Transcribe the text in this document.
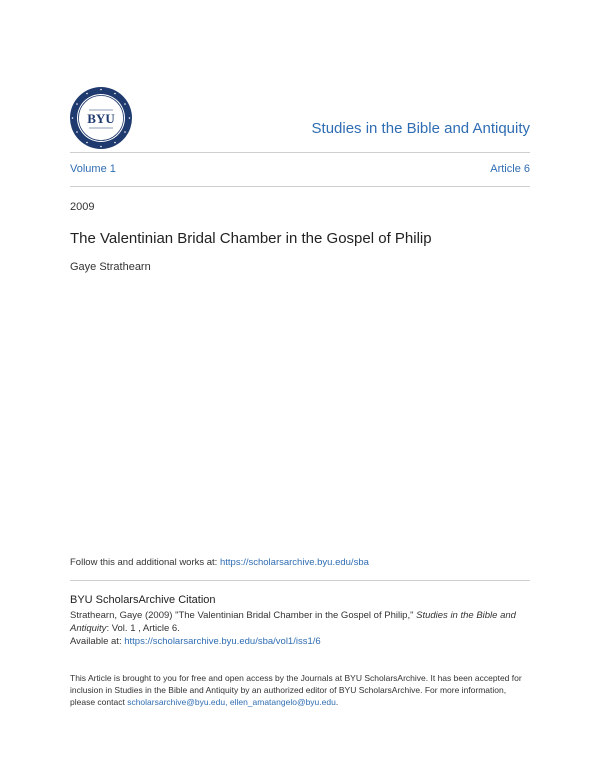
BYU
Studies in the Bible and Antiquity
Volume 1	Article 6
2009
The Valentinian Bridal Chamber in the Gospel of Philip
Gaye Strathearn
Follow this and additional works at: https://scholarsarchive.byu.edu/sba
BYU ScholarsArchive Citation
Strathearn, Gaye (2009) "The Valentinian Bridal Chamber in the Gospel of Philip," Studies in the Bible and Antiquity: Vol. 1 , Article 6.
Available at: https://scholarsarchive.byu.edu/sba/vol1/iss1/6
This Article is brought to you for free and open access by the Journals at BYU ScholarsArchive. It has been accepted for inclusion in Studies in the Bible and Antiquity by an authorized editor of BYU ScholarsArchive. For more information, please contact scholarsarchive@byu.edu, ellen_amatangelo@byu.edu.
